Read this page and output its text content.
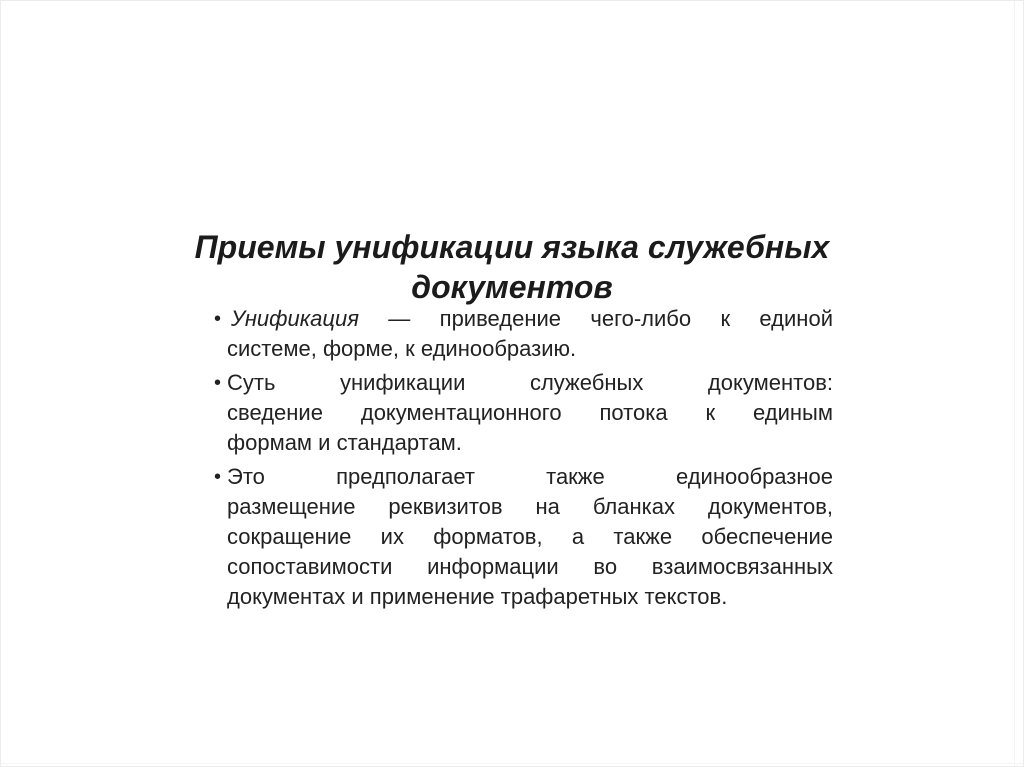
Приемы унификации языка служебных
документов
• Унификация — приведение чего-либо к единой
системе, форме, к единообразию.
• Суть унификации служебных документов:
сведение документационного потока к единым
формам и стандартам.
• Это предполагает также единообразное
размещение реквизитов на бланках документов,
сокращение их форматов, а также обеспечение
сопоставимости информации во взаимосвязанных
документах и применение трафаретных текстов.
